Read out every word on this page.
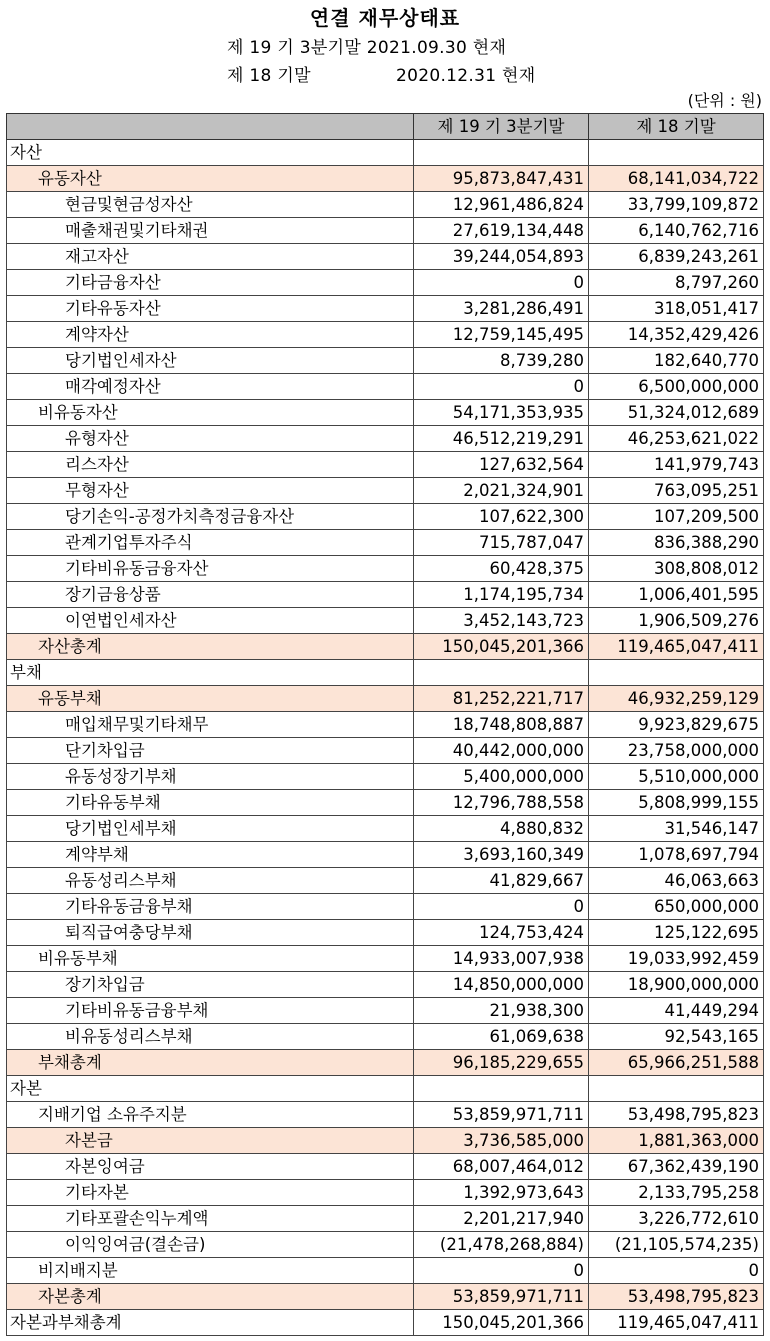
연결 재무상태표
제 19 기 3분기말 2021.09.30 현재
제 18 기말	2020.12.31 현재
(단위 : 원)
	제 19 기 3분기말	제 18 기말
자산		
유동자산	95,873,847,431	68,141,034,722
현금및현금성자산	12,961,486,824	33,799,109,872
매출채권및기타채권	27,619,134,448	6,140,762,716
재고자산	39,244,054,893	6,839,243,261
기타금융자산	0	8,797,260
기타유동자산	3,281,286,491	318,051,417
계약자산	12,759,145,495	14,352,429,426
당기법인세자산	8,739,280	182,640,770
매각예정자산	0	6,500,000,000
비유동자산	54,171,353,935	51,324,012,689
유형자산	46,512,219,291	46,253,621,022
리스자산	127,632,564	141,979,743
무형자산	2,021,324,901	763,095,251
당기손익-공정가치측정금융자산	107,622,300	107,209,500
관계기업투자주식	715,787,047	836,388,290
기타비유동금융자산	60,428,375	308,808,012
장기금융상품	1,174,195,734	1,006,401,595
이연법인세자산	3,452,143,723	1,906,509,276
자산총계	150,045,201,366	119,465,047,411
부채		
유동부채	81,252,221,717	46,932,259,129
매입채무및기타채무	18,748,808,887	9,923,829,675
단기차입금	40,442,000,000	23,758,000,000
유동성장기부채	5,400,000,000	5,510,000,000
기타유동부채	12,796,788,558	5,808,999,155
당기법인세부채	4,880,832	31,546,147
계약부채	3,693,160,349	1,078,697,794
유동성리스부채	41,829,667	46,063,663
기타유동금융부채	0	650,000,000
퇴직급여충당부채	124,753,424	125,122,695
비유동부채	14,933,007,938	19,033,992,459
장기차입금	14,850,000,000	18,900,000,000
기타비유동금융부채	21,938,300	41,449,294
비유동성리스부채	61,069,638	92,543,165
부채총계	96,185,229,655	65,966,251,588
자본		
지배기업 소유주지분	53,859,971,711	53,498,795,823
자본금	3,736,585,000	1,881,363,000
자본잉여금	68,007,464,012	67,362,439,190
기타자본	1,392,973,643	2,133,795,258
기타포괄손익누계액	2,201,217,940	3,226,772,610
이익잉여금(결손금)	(21,478,268,884)	(21,105,574,235)
비지배지분	0	0
자본총계	53,859,971,711	53,498,795,823
자본과부채총계	150,045,201,366	119,465,047,411
